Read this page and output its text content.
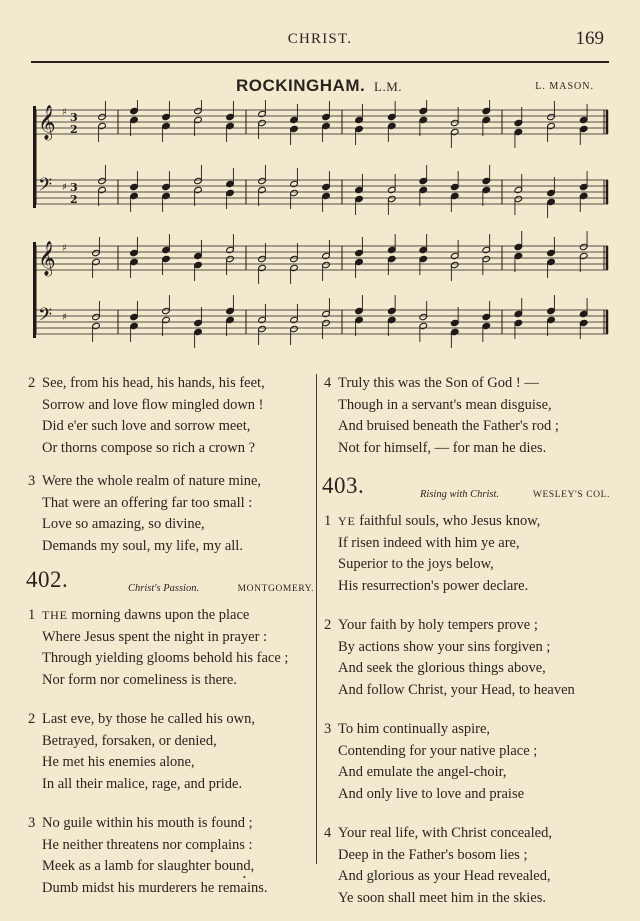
CHRIST.	169
ROCKINGHAM. L.M.	L. MASON.
𝄞 ♯ 3
2
𝄢 ♯ 3
2
𝄞 ♯
𝄢 ♯
2 See, from his head, his hands, his feet,
Sorrow and love flow mingled down !
Did e'er such love and sorrow meet,
Or thorns compose so rich a crown ?
3 Were the whole realm of nature mine,
That were an offering far too small :
Love so amazing, so divine,
Demands my soul, my life, my all.
402.	Christ's Passion.	MONTGOMERY.
1 THE morning dawns upon the place
Where Jesus spent the night in prayer :
Through yielding glooms behold his face ;
Nor form nor comeliness is there.
2 Last eve, by those he called his own,
Betrayed, forsaken, or denied,
He met his enemies alone,
In all their malice, rage, and pride.
3 No guile within his mouth is found ;
He neither threatens nor complains :
Meek as a lamb for slaughter bound,
Dumb midst his murderers he remains.
4 Truly this was the Son of God ! —
Though in a servant's mean disguise,
And bruised beneath the Father's rod ;
Not for himself, — for man he dies.
403.	Rising with Christ.	WESLEY'S COL.
1 YE faithful souls, who Jesus know,
If risen indeed with him ye are,
Superior to the joys below,
His resurrection's power declare.
2 Your faith by holy tempers prove ;
By actions show your sins forgiven ;
And seek the glorious things above,
And follow Christ, your Head, to heaven
3 To him continually aspire,
Contending for your native place ;
And emulate the angel-choir,
And only live to love and praise
4 Your real life, with Christ concealed,
Deep in the Father's bosom lies ;
And glorious as your Head revealed,
Ye soon shall meet him in the skies.
•
